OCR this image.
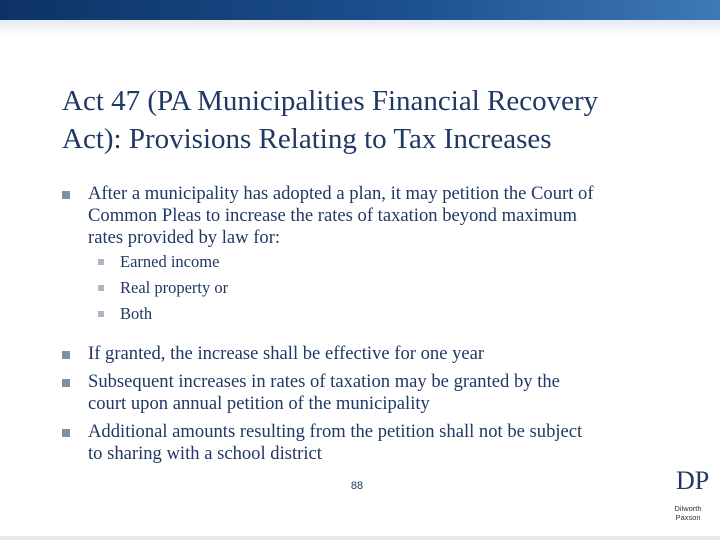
Act 47 (PA Municipalities Financial Recovery
Act): Provisions Relating to Tax Increases
After a municipality has adopted a plan, it may petition the Court of
Common Pleas to increase the rates of taxation beyond maximum
rates provided by law for:
Earned income
Real property or
Both
If granted, the increase shall be effective for one year
Subsequent increases in rates of taxation may be granted by the
court upon annual petition of the municipality
Additional amounts resulting from the petition shall not be subject
to sharing with a school district
88	DP
Dilworth
Paxson
